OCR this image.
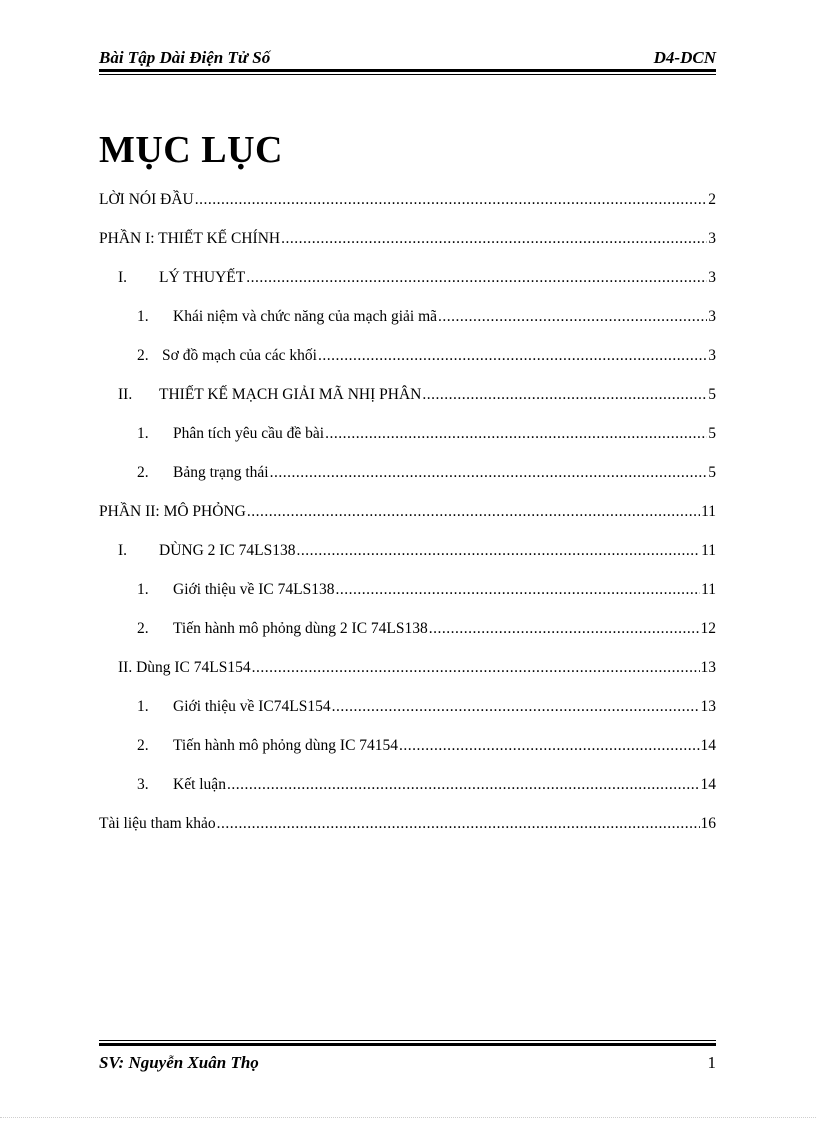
Bài Tập Dài Điện Tử Số	D4-DCN
MỤC LỤC
LỜI NÓI ĐẦU .....	2
PHẦN I: THIẾT KẾ CHÍNH .....	3
I.	LÝ THUYẾT .....	3
1.	Khái niệm và chức năng của mạch giải mã .....	3
2. Sơ đồ mạch của các khối .....	3
II.	THIẾT KẾ MẠCH GIẢI MÃ NHỊ PHÂN .....	5
1.	Phân tích yêu cầu đề bài .....	5
2.	Bảng trạng thái .....	5
PHẦN II: MÔ PHỎNG .....	11
I.	DÙNG 2 IC 74LS138 .....	11
1.	Giới thiệu về IC 74LS138 .....	11
2.	Tiến hành mô phỏng dùng 2 IC 74LS138 .....	12
II. Dùng IC 74LS154 .....	13
1.	Giới thiệu về IC74LS154 .....	13
2.	Tiến hành mô phỏng dùng IC 74154 .....	14
3.	Kết luận .....	14
Tài liệu tham khảo .....	16
SV: Nguyễn Xuân Thọ	1
